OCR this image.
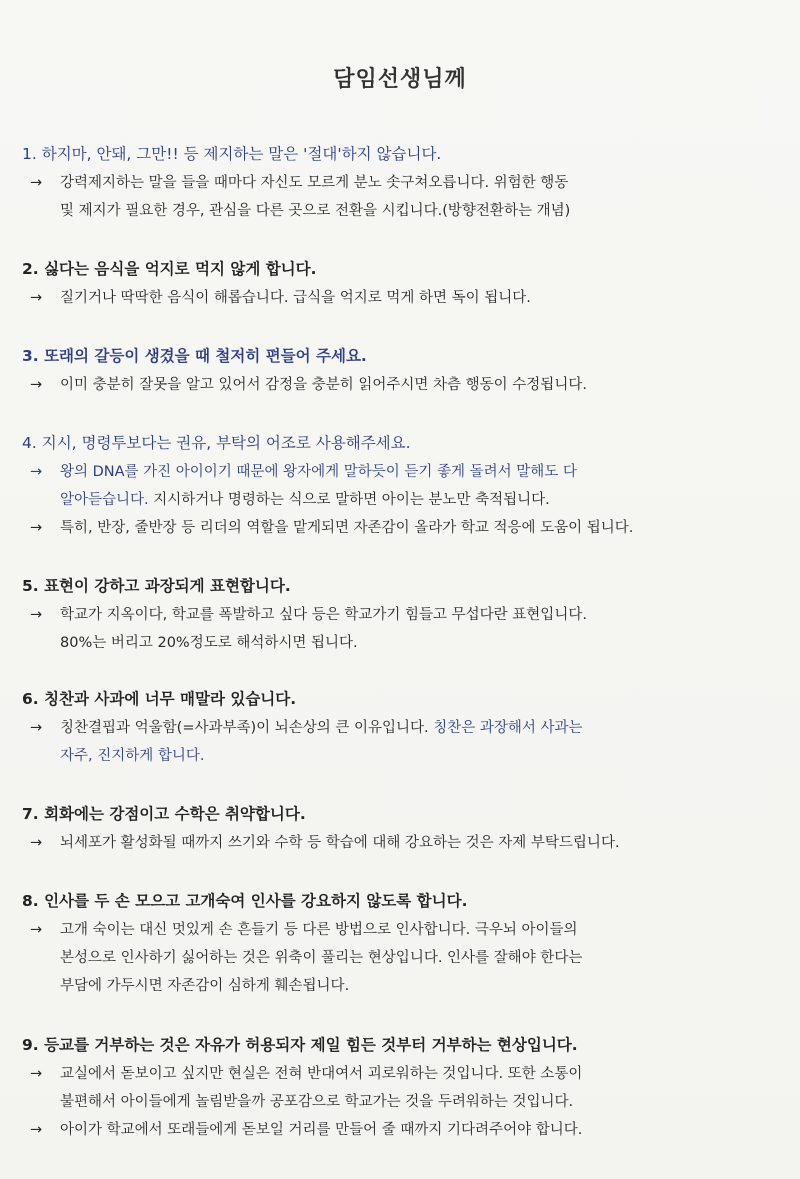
담임선생님께
1. 하지마, 안돼, 그만!! 등 제지하는 말은 '절대'하지 않습니다.
→ 강력제지하는 말을 들을 때마다 자신도 모르게 분노 솟구쳐오릅니다. 위험한 행동
및 제지가 필요한 경우, 관심을 다른 곳으로 전환을 시킵니다.(방향전환하는 개념)
2. 싫다는 음식을 억지로 먹지 않게 합니다.
→ 질기거나 딱딱한 음식이 해롭습니다. 급식을 억지로 먹게 하면 독이 됩니다.
3. 또래의 갈등이 생겼을 때 철저히 편들어 주세요.
→ 이미 충분히 잘못을 알고 있어서 감정을 충분히 읽어주시면 차츰 행동이 수정됩니다.
4. 지시, 명령투보다는 권유, 부탁의 어조로 사용해주세요.
→ 왕의 DNA를 가진 아이이기 때문에 왕자에게 말하듯이 듣기 좋게 돌려서 말해도 다
알아듣습니다. 지시하거나 명령하는 식으로 말하면 아이는 분노만 축적됩니다.
→ 특히, 반장, 줄반장 등 리더의 역할을 맡게되면 자존감이 올라가 학교 적응에 도움이 됩니다.
5. 표현이 강하고 과장되게 표현합니다.
→ 학교가 지옥이다, 학교를 폭발하고 싶다 등은 학교가기 힘들고 무섭다란 표현입니다.
80%는 버리고 20%정도로 해석하시면 됩니다.
6. 칭찬과 사과에 너무 매말라 있습니다.
→ 칭찬결핍과 억울함(=사과부족)이 뇌손상의 큰 이유입니다. 칭찬은 과장해서 사과는
자주, 진지하게 합니다.
7. 회화에는 강점이고 수학은 취약합니다.
→ 뇌세포가 활성화될 때까지 쓰기와 수학 등 학습에 대해 강요하는 것은 자제 부탁드립니다.
8. 인사를 두 손 모으고 고개숙여 인사를 강요하지 않도록 합니다.
→ 고개 숙이는 대신 멋있게 손 흔들기 등 다른 방법으로 인사합니다. 극우뇌 아이들의
본성으로 인사하기 싫어하는 것은 위축이 풀리는 현상입니다. 인사를 잘해야 한다는
부담에 가두시면 자존감이 심하게 훼손됩니다.
9. 등교를 거부하는 것은 자유가 허용되자 제일 힘든 것부터 거부하는 현상입니다.
→ 교실에서 돋보이고 싶지만 현실은 전혀 반대여서 괴로워하는 것입니다. 또한 소통이
불편해서 아이들에게 놀림받을까 공포감으로 학교가는 것을 두려워하는 것입니다.
→ 아이가 학교에서 또래들에게 돋보일 거리를 만들어 줄 때까지 기다려주어야 합니다.
